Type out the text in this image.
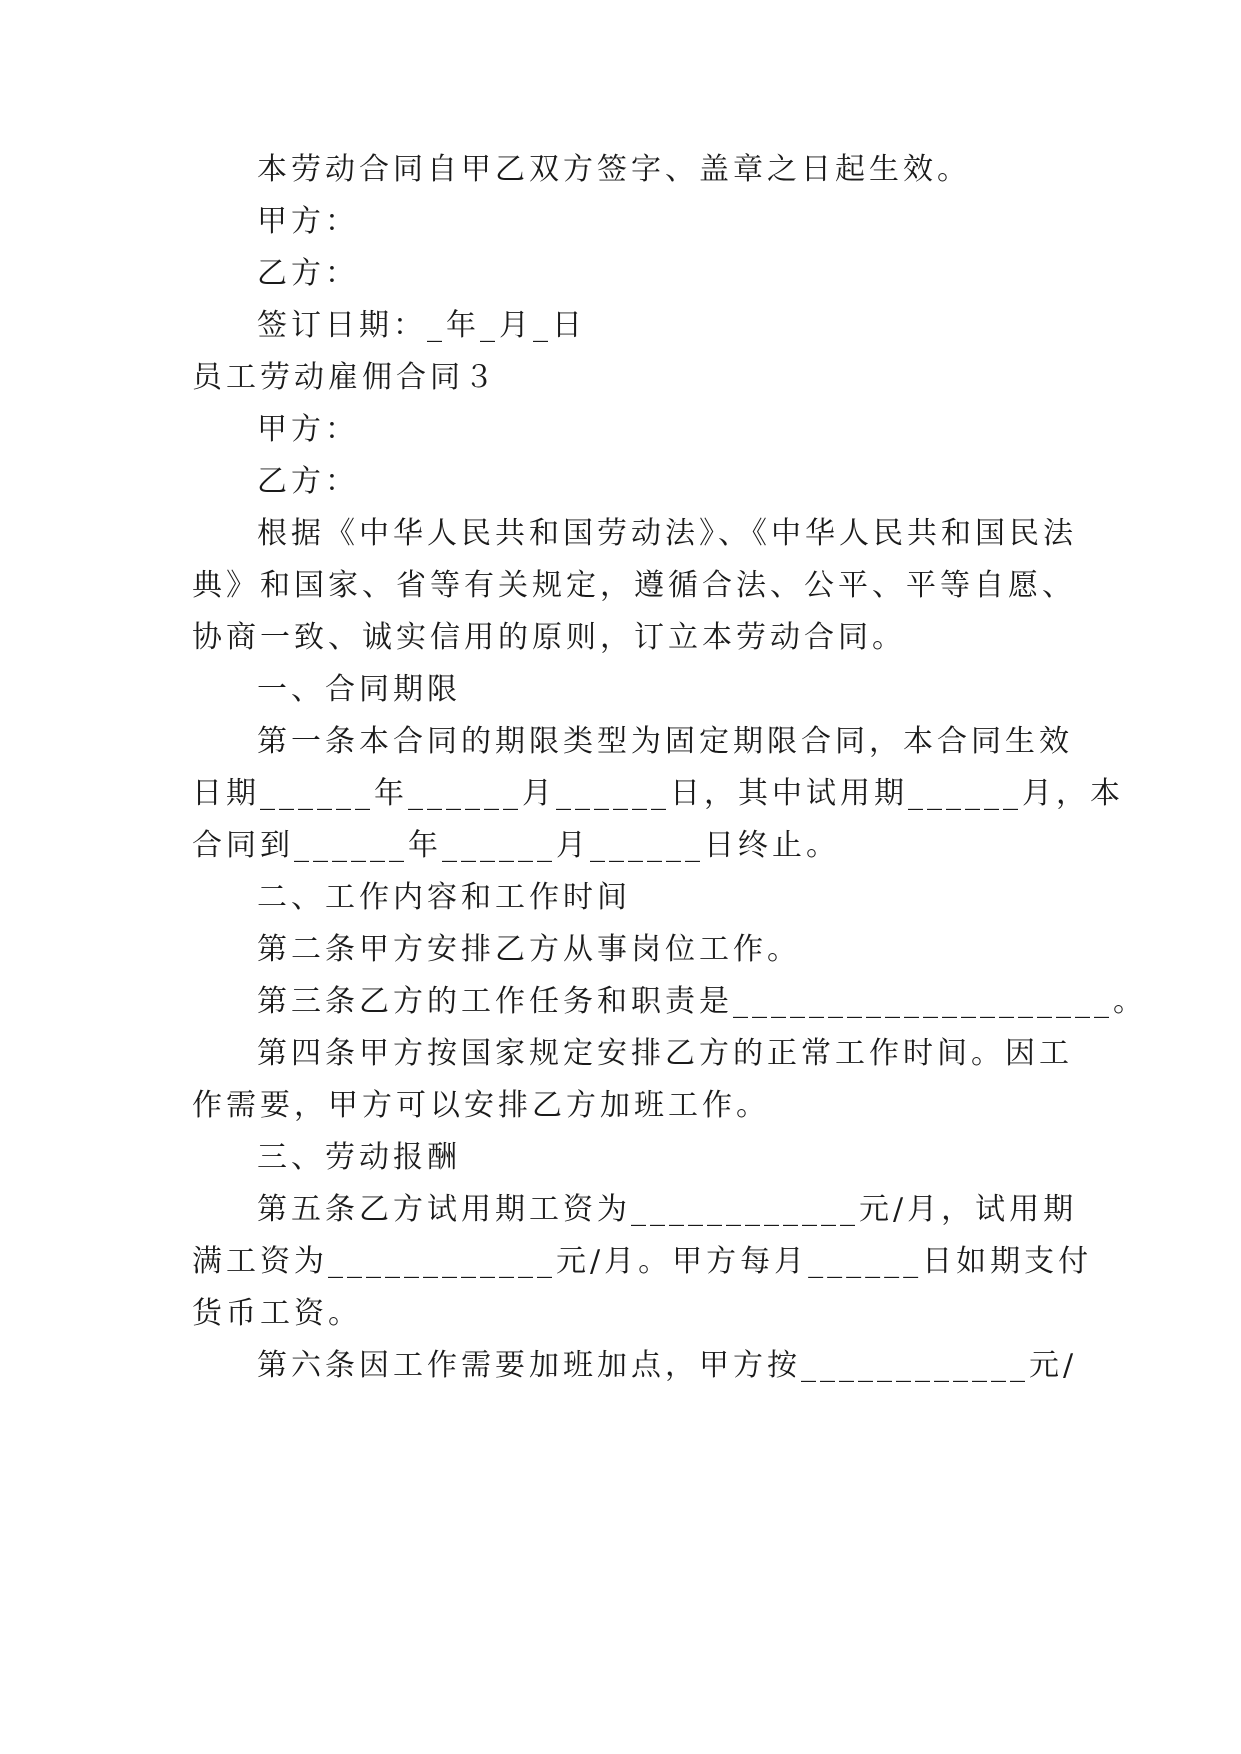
本劳动合同自甲乙双方签字、盖章之日起生效。
甲方：
乙方：
签订日期：_年_月_日
员工劳动雇佣合同３
甲方：
乙方：
根据《中华人民共和国劳动法》、《中华人民共和国民法
典》和国家、省等有关规定，遵循合法、公平、平等自愿、
协商一致、诚实信用的原则，订立本劳动合同。
一、合同期限
第一条本合同的期限类型为固定期限合同，本合同生效
日期______年______月______日，其中试用期______月，本
合同到______年______月______日终止。
二、工作内容和工作时间
第二条甲方安排乙方从事岗位工作。
第三条乙方的工作任务和职责是____________________。
第四条甲方按国家规定安排乙方的正常工作时间。因工
作需要，甲方可以安排乙方加班工作。
三、劳动报酬
第五条乙方试用期工资为____________元/月，试用期
满工资为____________元/月。甲方每月______日如期支付
货币工资。
第六条因工作需要加班加点，甲方按____________元/
